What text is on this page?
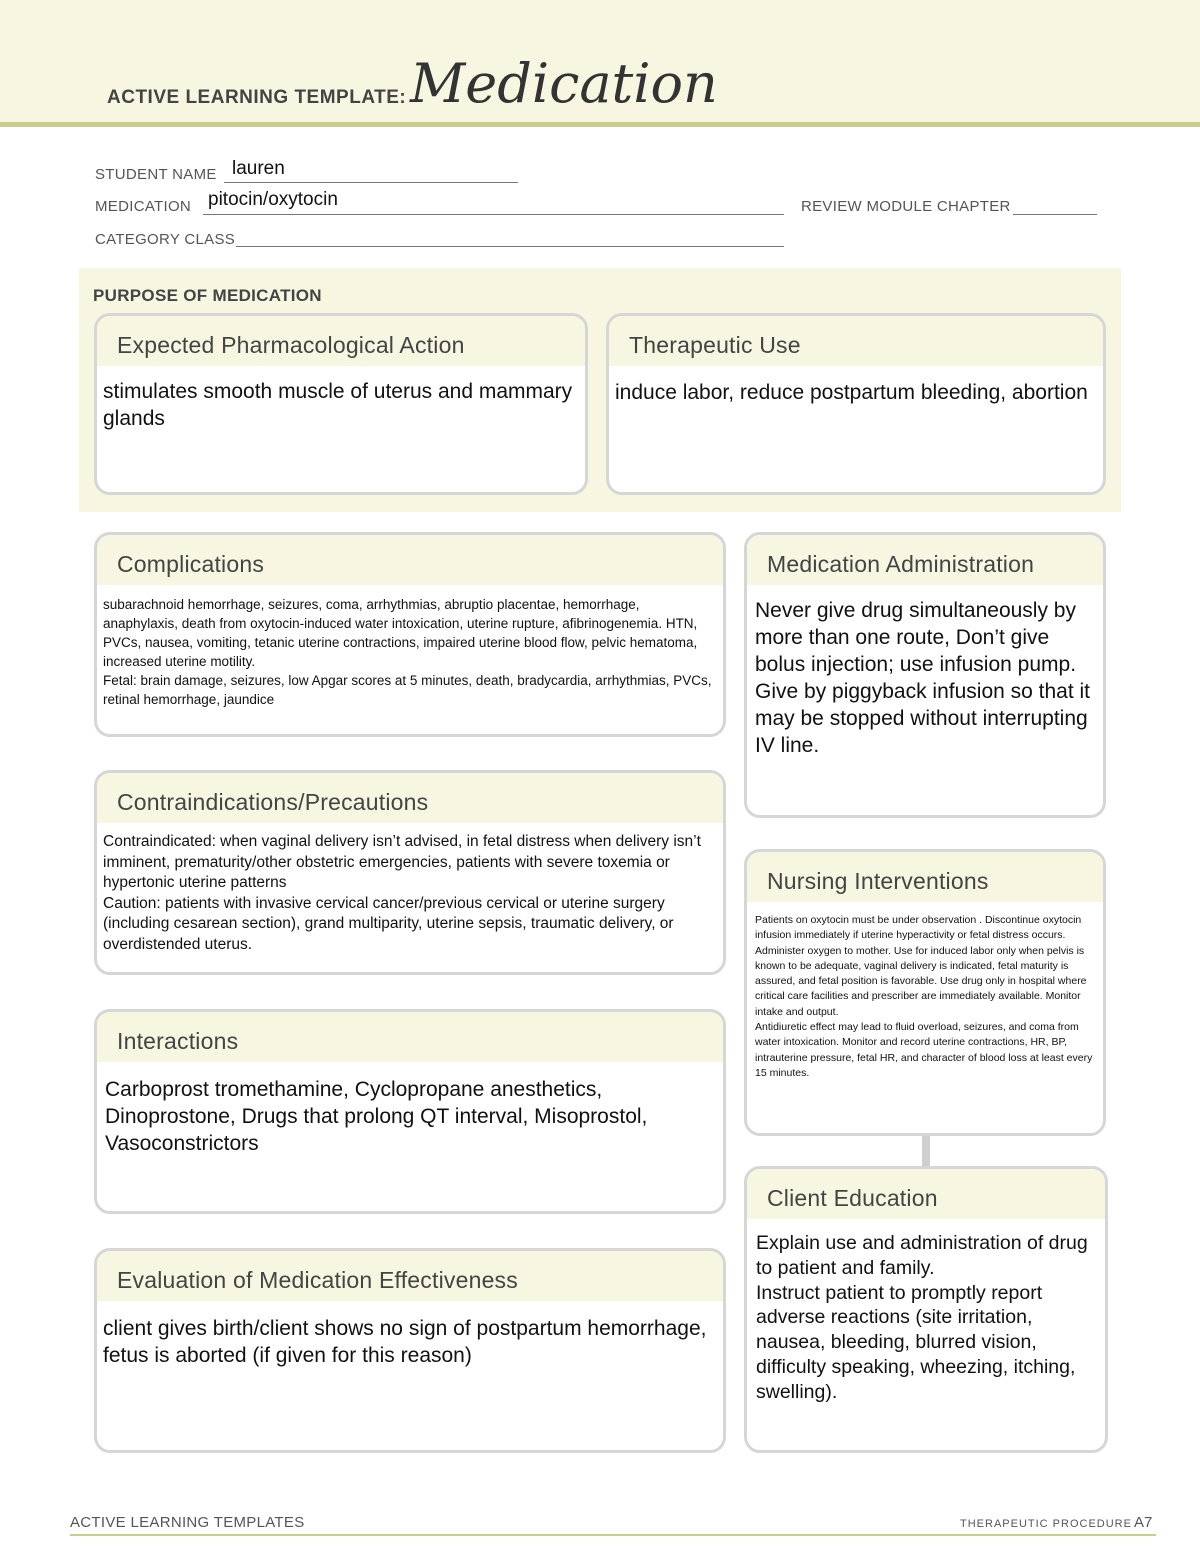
ACTIVE LEARNING TEMPLATE: Medication
STUDENT NAME lauren
MEDICATION pitocin/oxytocin	REVIEW MODULE CHAPTER
CATEGORY CLASS
PURPOSE OF MEDICATION
Expected Pharmacological Action
stimulates smooth muscle of uterus and mammary glands
Therapeutic Use
induce labor, reduce postpartum bleeding, abortion
Complications
subarachnoid hemorrhage, seizures, coma, arrhythmias, abruptio placentae, hemorrhage, anaphylaxis, death from oxytocin-induced water intoxication, uterine rupture, afibrinogenemia. HTN, PVCs, nausea, vomiting, tetanic uterine contractions, impaired uterine blood flow, pelvic hematoma, increased uterine motility.
Fetal: brain damage, seizures, low Apgar scores at 5 minutes, death, bradycardia, arrhythmias, PVCs, retinal hemorrhage, jaundice
Medication Administration
Never give drug simultaneously by more than one route, Don’t give bolus injection; use infusion pump. Give by piggyback infusion so that it may be stopped without interrupting IV line.
Contraindications/Precautions
Contraindicated: when vaginal delivery isn’t advised, in fetal distress when delivery isn’t imminent, prematurity/other obstetric emergencies, patients with severe toxemia or hypertonic uterine patterns
Caution: patients with invasive cervical cancer/previous cervical or uterine surgery (including cesarean section), grand multiparity, uterine sepsis, traumatic delivery, or overdistended uterus.
Nursing Interventions
Patients on oxytocin must be under observation . Discontinue oxytocin infusion immediately if uterine hyperactivity or fetal distress occurs. Administer oxygen to mother. Use for induced labor only when pelvis is known to be adequate, vaginal delivery is indicated, fetal maturity is assured, and fetal position is favorable. Use drug only in hospital where critical care facilities and prescriber are immediately available. Monitor intake and output.
Antidiuretic effect may lead to fluid overload, seizures, and coma from water intoxication. Monitor and record uterine contractions, HR, BP, intrauterine pressure, fetal HR, and character of blood loss at least every 15 minutes.
Interactions
Carboprost tromethamine, Cyclopropane anesthetics, Dinoprostone, Drugs that prolong QT interval, Misoprostol, Vasoconstrictors
Client Education
Explain use and administration of drug to patient and family.
Instruct patient to promptly report adverse reactions (site irritation, nausea, bleeding, blurred vision, difficulty speaking, wheezing, itching, swelling).
Evaluation of Medication Effectiveness
client gives birth/client shows no sign of postpartum hemorrhage, fetus is aborted (if given for this reason)
ACTIVE LEARNING TEMPLATES	THERAPEUTIC PROCEDURE A7
